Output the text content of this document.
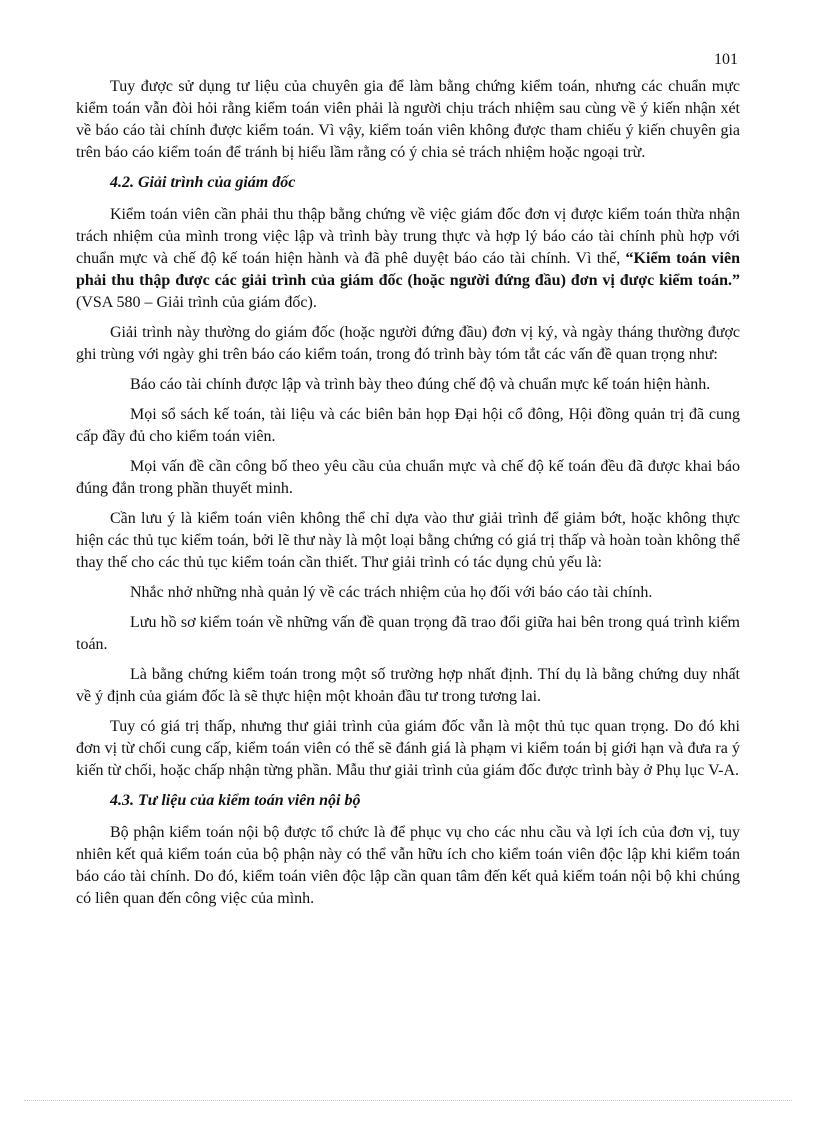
101

Tuy được sử dụng tư liệu của chuyên gia để làm bằng chứng kiểm toán, nhưng các chuẩn mực kiểm toán vẫn đòi hỏi rằng kiểm toán viên phải là người chịu trách nhiệm sau cùng về ý kiến nhận xét về báo cáo tài chính được kiểm toán. Vì vậy, kiểm toán viên không được tham chiếu ý kiến chuyên gia trên báo cáo kiểm toán để tránh bị hiểu lầm rằng có ý chia sẻ trách nhiệm hoặc ngoại trừ.

4.2. Giải trình của giám đốc

Kiểm toán viên cần phải thu thập bằng chứng về việc giám đốc đơn vị được kiểm toán thừa nhận trách nhiệm của mình trong việc lập và trình bày trung thực và hợp lý báo cáo tài chính phù hợp với chuẩn mực và chế độ kế toán hiện hành và đã phê duyệt báo cáo tài chính. Vì thế, “Kiểm toán viên phải thu thập được các giải trình của giám đốc (hoặc người đứng đầu) đơn vị được kiểm toán.” (VSA 580 – Giải trình của giám đốc).

Giải trình này thường do giám đốc (hoặc người đứng đầu) đơn vị ký, và ngày tháng thường được ghi trùng với ngày ghi trên báo cáo kiểm toán, trong đó trình bày tóm tắt các vấn đề quan trọng như:

Báo cáo tài chính được lập và trình bày theo đúng chế độ và chuẩn mực kế toán hiện hành.

Mọi sổ sách kế toán, tài liệu và các biên bản họp Đại hội cổ đông, Hội đồng quản trị đã cung cấp đầy đủ cho kiểm toán viên.

Mọi vấn đề cần công bố theo yêu cầu của chuẩn mực và chế độ kế toán đều đã được khai báo đúng đắn trong phần thuyết minh.

Cần lưu ý là kiểm toán viên không thể chỉ dựa vào thư giải trình để giảm bớt, hoặc không thực hiện các thủ tục kiểm toán, bởi lẽ thư này là một loại bằng chứng có giá trị thấp và hoàn toàn không thể thay thế cho các thủ tục kiểm toán cần thiết. Thư giải trình có tác dụng chủ yếu là:

Nhắc nhở những nhà quản lý về các trách nhiệm của họ đối với báo cáo tài chính.

Lưu hồ sơ kiểm toán về những vấn đề quan trọng đã trao đổi giữa hai bên trong quá trình kiểm toán.

Là bằng chứng kiểm toán trong một số trường hợp nhất định. Thí dụ là bằng chứng duy nhất về ý định của giám đốc là sẽ thực hiện một khoản đầu tư trong tương lai.

Tuy có giá trị thấp, nhưng thư giải trình của giám đốc vẫn là một thủ tục quan trọng. Do đó khi đơn vị từ chối cung cấp, kiểm toán viên có thể sẽ đánh giá là phạm vi kiểm toán bị giới hạn và đưa ra ý kiến từ chối, hoặc chấp nhận từng phần. Mẫu thư giải trình của giám đốc được trình bày ở Phụ lục V-A.

4.3. Tư liệu của kiểm toán viên nội bộ

Bộ phận kiểm toán nội bộ được tổ chức là để phục vụ cho các nhu cầu và lợi ích của đơn vị, tuy nhiên kết quả kiểm toán của bộ phận này có thể vẫn hữu ích cho kiểm toán viên độc lập khi kiểm toán báo cáo tài chính. Do đó, kiểm toán viên độc lập cần quan tâm đến kết quả kiểm toán nội bộ khi chúng có liên quan đến công việc của mình.
